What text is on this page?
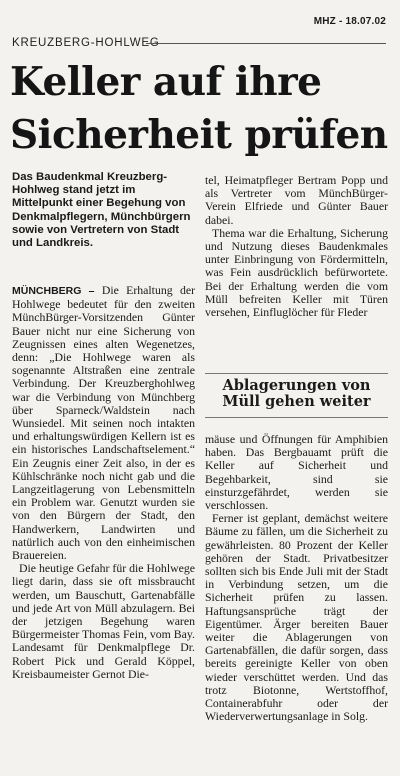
MHZ - 18.07.02
KREUZBERG-HOHLWEG
Keller auf ihre Sicherheit prüfen

Das Baudenkmal Kreuzberg-Hohlweg stand jetzt im Mittelpunkt einer Begehung von Denkmalpflegern, Münchbürgern sowie von Vertretern von Stadt und Landkreis.

MÜNCHBERG – Die Erhaltung der Hohlwege bedeutet für den zweiten MünchBürger-Vorsitzenden Günter Bauer nicht nur eine Sicherung von Zeugnissen eines alten Wegenetzes, denn: „Die Hohlwege waren als sogenannte Altstraßen eine zentrale Verbindung. Der Kreuzberghohlweg war die Verbindung von Münchberg über Sparneck/Waldstein nach Wunsiedel. Mit seinen noch intakten und erhaltungswürdigen Kellern ist es ein historisches Landschaftselement.“ Ein Zeugnis einer Zeit also, in der es Kühlschränke noch nicht gab und die Langzeitlagerung von Lebensmitteln ein Problem war. Genutzt wurden sie von den Bürgern der Stadt, den Handwerkern, Landwirten und natürlich auch von den einheimischen Brauereien.

Die heutige Gefahr für die Hohlwege liegt darin, dass sie oft missbraucht werden, um Bauschutt, Gartenabfälle und jede Art von Müll abzulagern. Bei der jetzigen Begehung waren Bürgermeister Thomas Fein, vom Bay. Landesamt für Denkmalpflege Dr. Robert Pick und Gerald Köppel, Kreisbaumeister Gernot Die-

tel, Heimatpfleger Bertram Popp und als Vertreter vom MünchBürger-Verein Elfriede und Günter Bauer dabei.

Thema war die Erhaltung, Sicherung und Nutzung dieses Baudenkmales unter Einbringung von Fördermitteln, was Fein ausdrücklich befürwortete. Bei der Erhaltung werden die vom Müll befreiten Keller mit Türen versehen, Einfluglöcher für Fleder

Ablagerungen von Müll gehen weiter

mäuse und Öffnungen für Amphibien haben. Das Bergbauamt prüft die Keller auf Sicherheit und Begehbarkeit, sind sie einsturzgefährdet, werden sie verschlossen.

Ferner ist geplant, demächst weitere Bäume zu fällen, um die Sicherheit zu gewährleisten. 80 Prozent der Keller gehören der Stadt. Privatbesitzer sollten sich bis Ende Juli mit der Stadt in Verbindung setzen, um die Sicherheit prüfen zu lassen. Haftungsansprüche trägt der Eigentümer. Ärger bereiten Bauer weiter die Ablagerungen von Gartenabfällen, die dafür sorgen, dass bereits gereinigte Keller von oben wieder verschüttet werden. Und das trotz Biotonne, Wertstoffhof, Containerabfuhr oder der Wiederverwertungsanlage in Solg.
